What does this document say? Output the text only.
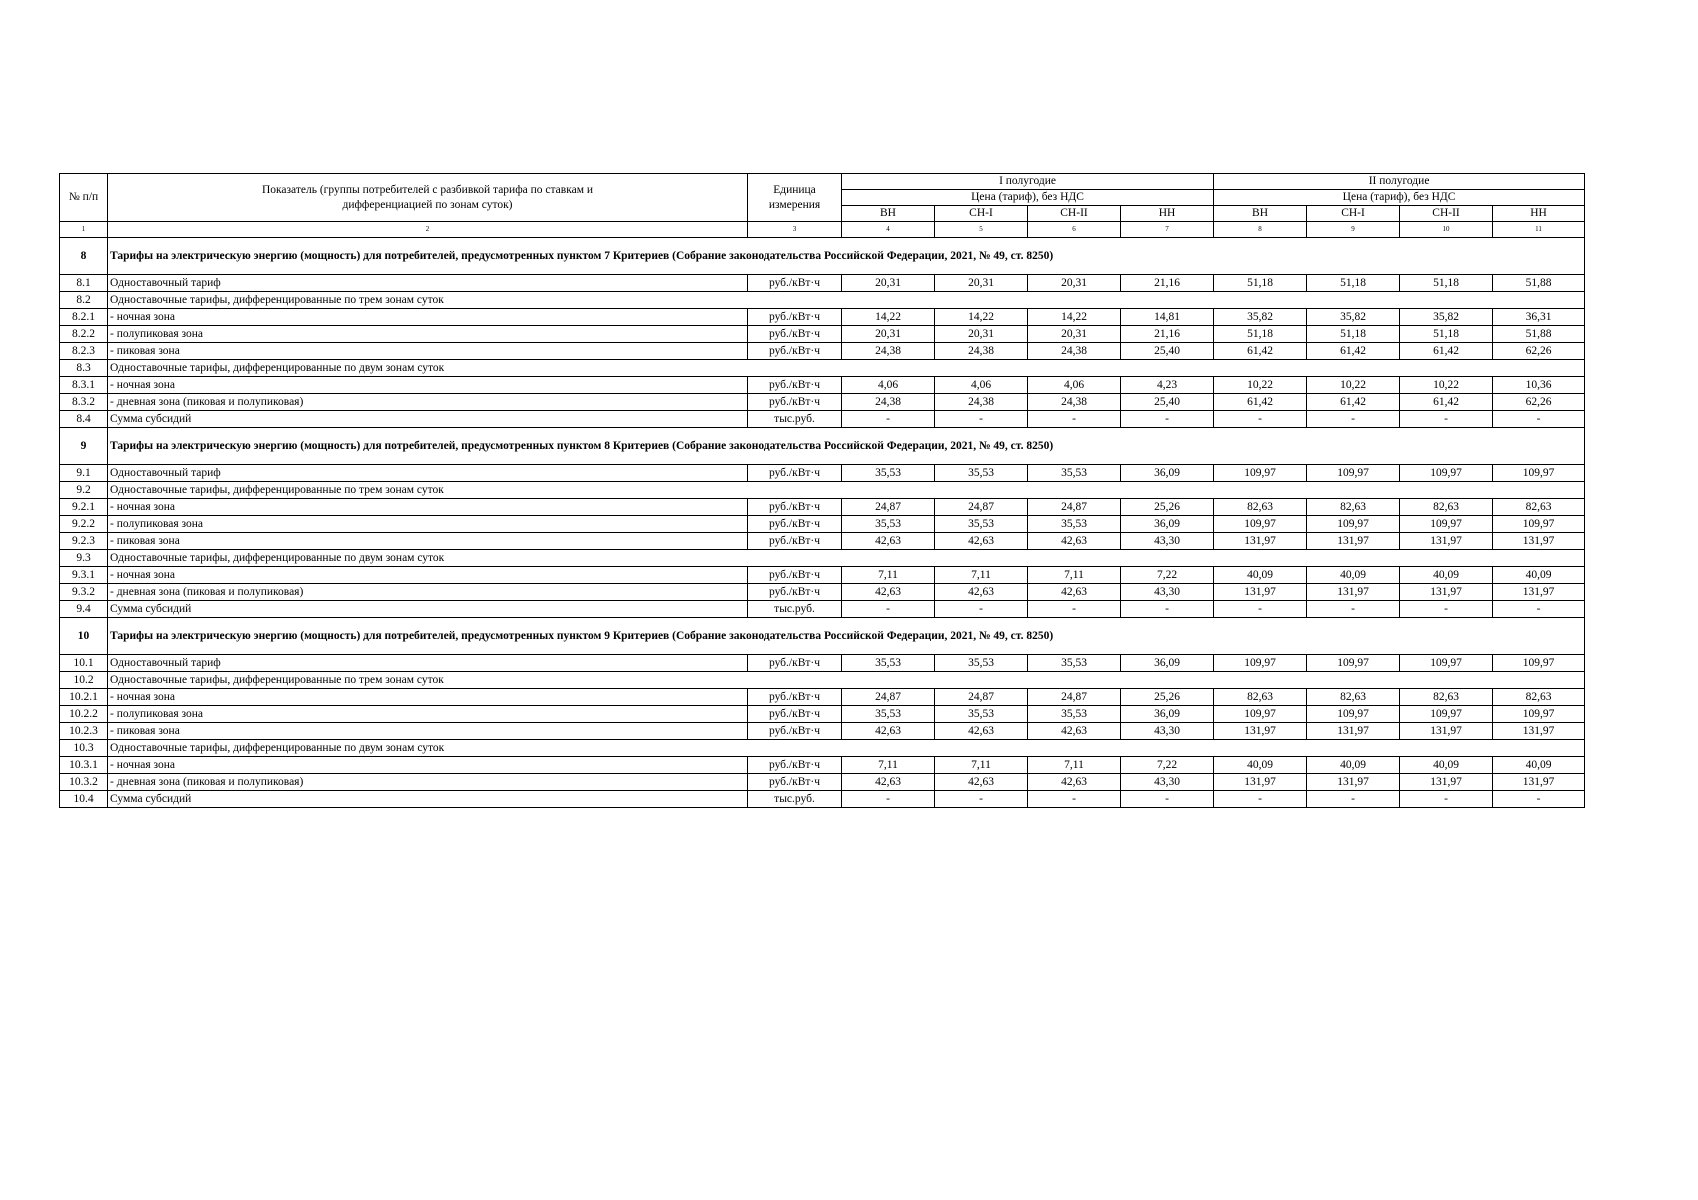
№ п/п	Показатель (группы потребителей с разбивкой тарифа по ставкам и дифференциацией по зонам суток)	Единица измерения	I полугодие				II полугодие			
			Цена (тариф), без НДС				Цена (тариф), без НДС			
			ВН	СН-I	СН-II	НН	ВН	СН-I	СН-II	НН
1	2	3	4	5	6	7	8	9	10	11
8	Тарифы на электрическую энергию (мощность) для потребителей, предусмотренных пунктом 7 Критериев (Собрание законодательства Российской Федерации, 2021, № 49, ст. 8250)									
8.1	Одноставочный тариф	руб./кВт·ч	20,31	20,31	20,31	21,16	51,18	51,18	51,18	51,88
8.2	Одноставочные тарифы, дифференцированные по трем зонам суток									
8.2.1	- ночная зона	руб./кВт·ч	14,22	14,22	14,22	14,81	35,82	35,82	35,82	36,31
8.2.2	- полупиковая зона	руб./кВт·ч	20,31	20,31	20,31	21,16	51,18	51,18	51,18	51,88
8.2.3	- пиковая зона	руб./кВт·ч	24,38	24,38	24,38	25,40	61,42	61,42	61,42	62,26
8.3	Одноставочные тарифы, дифференцированные по двум зонам суток									
8.3.1	- ночная зона	руб./кВт·ч	4,06	4,06	4,06	4,23	10,22	10,22	10,22	10,36
8.3.2	- дневная зона (пиковая и полупиковая)	руб./кВт·ч	24,38	24,38	24,38	25,40	61,42	61,42	61,42	62,26
8.4	Сумма субсидий	тыс.руб.	-	-	-	-	-	-	-	-
9	Тарифы на электрическую энергию (мощность) для потребителей, предусмотренных пунктом 8 Критериев (Собрание законодательства Российской Федерации, 2021, № 49, ст. 8250)									
9.1	Одноставочный тариф	руб./кВт·ч	35,53	35,53	35,53	36,09	109,97	109,97	109,97	109,97
9.2	Одноставочные тарифы, дифференцированные по трем зонам суток									
9.2.1	- ночная зона	руб./кВт·ч	24,87	24,87	24,87	25,26	82,63	82,63	82,63	82,63
9.2.2	- полупиковая зона	руб./кВт·ч	35,53	35,53	35,53	36,09	109,97	109,97	109,97	109,97
9.2.3	- пиковая зона	руб./кВт·ч	42,63	42,63	42,63	43,30	131,97	131,97	131,97	131,97
9.3	Одноставочные тарифы, дифференцированные по двум зонам суток									
9.3.1	- ночная зона	руб./кВт·ч	7,11	7,11	7,11	7,22	40,09	40,09	40,09	40,09
9.3.2	- дневная зона (пиковая и полупиковая)	руб./кВт·ч	42,63	42,63	42,63	43,30	131,97	131,97	131,97	131,97
9.4	Сумма субсидий	тыс.руб.	-	-	-	-	-	-	-	-
10	Тарифы на электрическую энергию (мощность) для потребителей, предусмотренных пунктом 9 Критериев (Собрание законодательства Российской Федерации, 2021, № 49, ст. 8250)									
10.1	Одноставочный тариф	руб./кВт·ч	35,53	35,53	35,53	36,09	109,97	109,97	109,97	109,97
10.2	Одноставочные тарифы, дифференцированные по трем зонам суток									
10.2.1	- ночная зона	руб./кВт·ч	24,87	24,87	24,87	25,26	82,63	82,63	82,63	82,63
10.2.2	- полупиковая зона	руб./кВт·ч	35,53	35,53	35,53	36,09	109,97	109,97	109,97	109,97
10.2.3	- пиковая зона	руб./кВт·ч	42,63	42,63	42,63	43,30	131,97	131,97	131,97	131,97
10.3	Одноставочные тарифы, дифференцированные по двум зонам суток									
10.3.1	- ночная зона	руб./кВт·ч	7,11	7,11	7,11	7,22	40,09	40,09	40,09	40,09
10.3.2	- дневная зона (пиковая и полупиковая)	руб./кВт·ч	42,63	42,63	42,63	43,30	131,97	131,97	131,97	131,97
10.4	Сумма субсидий	тыс.руб.	-	-	-	-	-	-	-	-
